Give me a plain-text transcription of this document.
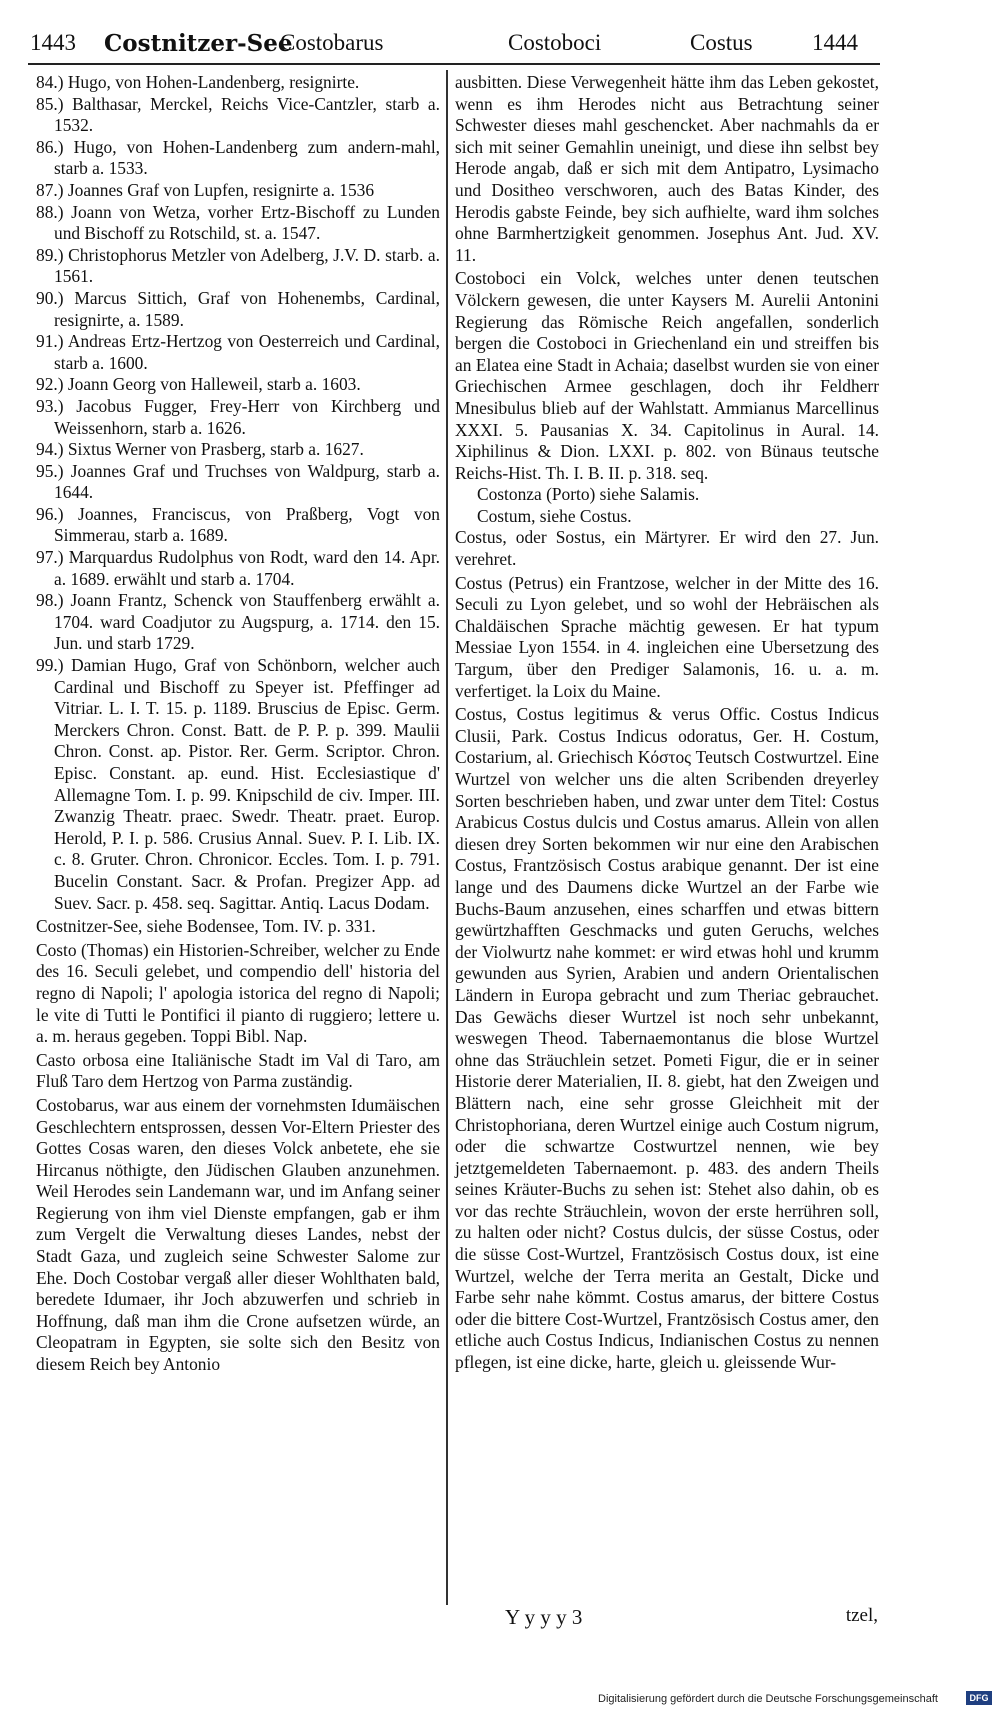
1443 Costnitzer-See
Costobarus	Costoboci	Costus	1444

84.) Hugo, von Hohen-Landenberg, resignirte.

85.) Balthasar, Merckel, Reichs Vice-Cantzler, starb a. 1532.

86.) Hugo, von Hohen-Landenberg zum andern-mahl, starb a. 1533.

87.) Joannes Graf von Lupfen, resignirte a. 1536

88.) Joann von Wetza, vorher Ertz-Bischoff zu Lunden und Bischoff zu Rotschild, st. a. 1547.

89.) Christophorus Metzler von Adelberg, J.V. D. starb. a. 1561.

90.) Marcus Sittich, Graf von Hohenembs, Cardinal, resignirte, a. 1589.

91.) Andreas Ertz-Hertzog von Oesterreich und Cardinal, starb a. 1600.

92.) Joann Georg von Halleweil, starb a. 1603.

93.) Jacobus Fugger, Frey-Herr von Kirchberg und Weissenhorn, starb a. 1626.

94.) Sixtus Werner von Prasberg, starb a. 1627.

95.) Joannes Graf und Truchses von Waldpurg, starb a. 1644.

96.) Joannes, Franciscus, von Praßberg, Vogt von Simmerau, starb a. 1689.

97.) Marquardus Rudolphus von Rodt, ward den 14. Apr. a. 1689. erwählt und starb a. 1704.

98.) Joann Frantz, Schenck von Stauffenberg erwählt a. 1704. ward Coadjutor zu Augspurg, a. 1714. den 15. Jun. und starb 1729.

99.) Damian Hugo, Graf von Schönborn, welcher auch Cardinal und Bischoff zu Speyer ist. Pfeffinger ad Vitriar. L. I. T. 15. p. 1189. Bruscius de Episc. Germ. Merckers Chron. Const. Batt. de P. P. p. 399. Maulii Chron. Const. ap. Pistor. Rer. Germ. Scriptor. Chron. Episc. Constant. ap. eund. Hist. Ecclesiastique d' Allemagne Tom. I. p. 99. Knipschild de civ. Imper. III. Zwanzig Theatr. praec. Swedr. Theatr. praet. Europ. Herold, P. I. p. 586. Crusius Annal. Suev. P. I. Lib. IX. c. 8. Gruter. Chron. Chronicor. Eccles. Tom. I. p. 791. Bucelin Constant. Sacr. & Profan. Pregizer App. ad Suev. Sacr. p. 458. seq. Sagittar. Antiq. Lacus Dodam.

Costnitzer-See, siehe Bodensee, Tom. IV. p. 331.

Costo (Thomas) ein Historien-Schreiber, welcher zu Ende des 16. Seculi gelebet, und compendio dell' historia del regno di Napoli; l' apologia istorica del regno di Napoli; le vite di Tutti le Pontifici il pianto di ruggiero; lettere u. a. m. heraus gegeben. Toppi Bibl. Nap.

Casto orbosa eine Italiänische Stadt im Val di Taro, am Fluß Taro dem Hertzog von Parma zuständig.

Costobarus, war aus einem der vornehmsten Idumäischen Geschlechtern entsprossen, dessen Vor-Eltern Priester des Gottes Cosas waren, den dieses Volck anbetete, ehe sie Hircanus nöthigte, den Jüdischen Glauben anzunehmen. Weil Herodes sein Landemann war, und im Anfang seiner Regierung von ihm viel Dienste empfangen, gab er ihm zum Vergelt die Verwaltung dieses Landes, nebst der Stadt Gaza, und zugleich seine Schwester Salome zur Ehe. Doch Costobar vergaß aller dieser Wohlthaten bald, beredete Idumaer, ihr Joch abzuwerfen und schrieb in Hoffnung, daß man ihm die Crone aufsetzen würde, an Cleopatram in Egypten, sie solte sich den Besitz von diesem Reich bey Antonio

ausbitten. Diese Verwegenheit hätte ihm das Leben gekostet, wenn es ihm Herodes nicht aus Betrachtung seiner Schwester dieses mahl geschencket. Aber nachmahls da er sich mit seiner Gemahlin uneinigt, und diese ihn selbst bey Herode angab, daß er sich mit dem Antipatro, Lysimacho und Dositheo verschworen, auch des Batas Kinder, des Herodis gabste Feinde, bey sich aufhielte, ward ihm solches ohne Barmhertzigkeit genommen. Josephus Ant. Jud. XV. 11.

Costoboci ein Volck, welches unter denen teutschen Völckern gewesen, die unter Kaysers M. Aurelii Antonini Regierung das Römische Reich angefallen, sonderlich bergen die Costoboci in Griechenland ein und streiffen bis an Elatea eine Stadt in Achaia; daselbst wurden sie von einer Griechischen Armee geschlagen, doch ihr Feldherr Mnesibulus blieb auf der Wahlstatt. Ammianus Marcellinus XXXI. 5. Pausanias X. 34. Capitolinus in Aural. 14. Xiphilinus & Dion. LXXI. p. 802. von Bünaus teutsche Reichs-Hist. Th. I. B. II. p. 318. seq.

Costonza (Porto) siehe Salamis.

Costum, siehe Costus.

Costus, oder Sostus, ein Märtyrer. Er wird den 27. Jun. verehret.

Costus (Petrus) ein Frantzose, welcher in der Mitte des 16. Seculi zu Lyon gelebet, und so wohl der Hebräischen als Chaldäischen Sprache mächtig gewesen. Er hat typum Messiae Lyon 1554. in 4. ingleichen eine Ubersetzung des Targum, über den Prediger Salamonis, 16. u. a. m. verfertiget. la Loix du Maine.

Costus, Costus legitimus & verus Offic. Costus Indicus Clusii, Park. Costus Indicus odoratus, Ger. H. Costum, Costarium, al. Griechisch Κόστος Teutsch Costwurtzel. Eine Wurtzel von welcher uns die alten Scribenden dreyerley Sorten beschrieben haben, und zwar unter dem Titel: Costus Arabicus Costus dulcis und Costus amarus. Allein von allen diesen drey Sorten bekommen wir nur eine den Arabischen Costus, Frantzösisch Costus arabique genannt. Der ist eine lange und des Daumens dicke Wurtzel an der Farbe wie Buchs-Baum anzusehen, eines scharffen und etwas bittern gewürtzhafften Geschmacks und guten Geruchs, welches der Violwurtz nahe kommet: er wird etwas hohl und krumm gewunden aus Syrien, Arabien und andern Orientalischen Ländern in Europa gebracht und zum Theriac gebrauchet. Das Gewächs dieser Wurtzel ist noch sehr unbekannt, weswegen Theod. Tabernaemontanus die blose Wurtzel ohne das Sträuchlein setzet. Pometi Figur, die er in seiner Historie derer Materialien, II. 8. giebt, hat den Zweigen und Blättern nach, eine sehr grosse Gleichheit mit der Christophoriana, deren Wurtzel einige auch Costum nigrum, oder die schwartze Costwurtzel nennen, wie bey jetztgemeldeten Tabernaemont. p. 483. des andern Theils seines Kräuter-Buchs zu sehen ist: Stehet also dahin, ob es vor das rechte Sträuchlein, wovon der erste herrühren soll, zu halten oder nicht? Costus dulcis, der süsse Costus, oder die süsse Cost-Wurtzel, Frantzösisch Costus doux, ist eine Wurtzel, welche der Terra merita an Gestalt, Dicke und Farbe sehr nahe kömmt. Costus amarus, der bittere Costus oder die bittere Cost-Wurtzel, Frantzösisch Costus amer, den etliche auch Costus Indicus, Indianischen Costus zu nennen pflegen, ist eine dicke, harte, gleich u. gleissende Wur-

Y y y y 3	tzel,
Digitalisierung gefördert durch die Deutsche Forschungsgemeinschaft	DFG
